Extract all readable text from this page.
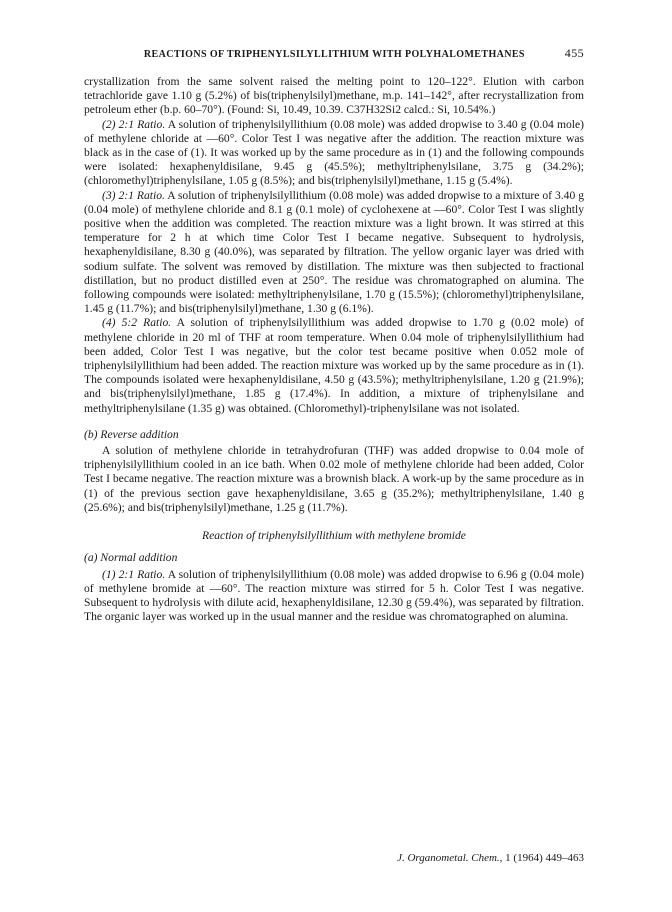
REACTIONS OF TRIPHENYLSILYLLITHIUM WITH POLYHALOMETHANES	455

crystallization from the same solvent raised the melting point to 120–122°. Elution with carbon tetrachloride gave 1.10 g (5.2%) of bis(triphenylsilyl)methane, m.p. 141–142°, after recrystallization from petroleum ether (b.p. 60–70°). (Found: Si, 10.49, 10.39. C37H32Si2 calcd.: Si, 10.54%.)

(2) 2:1 Ratio. A solution of triphenylsilyllithium (0.08 mole) was added dropwise to 3.40 g (0.04 mole) of methylene chloride at —60°. Color Test I was negative after the addition. The reaction mixture was black as in the case of (1). It was worked up by the same procedure as in (1) and the following compounds were isolated: hexaphenyldisilane, 9.45 g (45.5%); methyltriphenylsilane, 3.75 g (34.2%); (chloromethyl)triphenylsilane, 1.05 g (8.5%); and bis(triphenylsilyl)methane, 1.15 g (5.4%).

(3) 2:1 Ratio. A solution of triphenylsilyllithium (0.08 mole) was added dropwise to a mixture of 3.40 g (0.04 mole) of methylene chloride and 8.1 g (0.1 mole) of cyclohexene at —60°. Color Test I was slightly positive when the addition was completed. The reaction mixture was a light brown. It was stirred at this temperature for 2 h at which time Color Test I became negative. Subsequent to hydrolysis, hexaphenyldisilane, 8.30 g (40.0%), was separated by filtration. The yellow organic layer was dried with sodium sulfate. The solvent was removed by distillation. The mixture was then subjected to fractional distillation, but no product distilled even at 250°. The residue was chromatographed on alumina. The following compounds were isolated: methyltriphenylsilane, 1.70 g (15.5%); (chloromethyl)triphenylsilane, 1.45 g (11.7%); and bis(triphenylsilyl)methane, 1.30 g (6.1%).

(4) 5:2 Ratio. A solution of triphenylsilyllithium was added dropwise to 1.70 g (0.02 mole) of methylene chloride in 20 ml of THF at room temperature. When 0.04 mole of triphenylsilyllithium had been added, Color Test I was negative, but the color test became positive when 0.052 mole of triphenylsilyllithium had been added. The reaction mixture was worked up by the same procedure as in (1). The compounds isolated were hexaphenyldisilane, 4.50 g (43.5%); methyltriphenylsilane, 1.20 g (21.9%); and bis(triphenylsilyl)methane, 1.85 g (17.4%). In addition, a mixture of triphenylsilane and methyltriphenylsilane (1.35 g) was obtained. (Chloromethyl)-triphenylsilane was not isolated.

(b) Reverse addition

A solution of methylene chloride in tetrahydrofuran (THF) was added dropwise to 0.04 mole of triphenylsilyllithium cooled in an ice bath. When 0.02 mole of methylene chloride had been added, Color Test I became negative. The reaction mixture was a brownish black. A work-up by the same procedure as in (1) of the previous section gave hexaphenyldisilane, 3.65 g (35.2%); methyltriphenylsilane, 1.40 g (25.6%); and bis(triphenylsilyl)methane, 1.25 g (11.7%).

Reaction of triphenylsilyllithium with methylene bromide

(a) Normal addition

(1) 2:1 Ratio. A solution of triphenylsilyllithium (0.08 mole) was added dropwise to 6.96 g (0.04 mole) of methylene bromide at —60°. The reaction mixture was stirred for 5 h. Color Test I was negative. Subsequent to hydrolysis with dilute acid, hexaphenyldisilane, 12.30 g (59.4%), was separated by filtration. The organic layer was worked up in the usual manner and the residue was chromatographed on alumina.

J. Organometal. Chem., 1 (1964) 449–463
